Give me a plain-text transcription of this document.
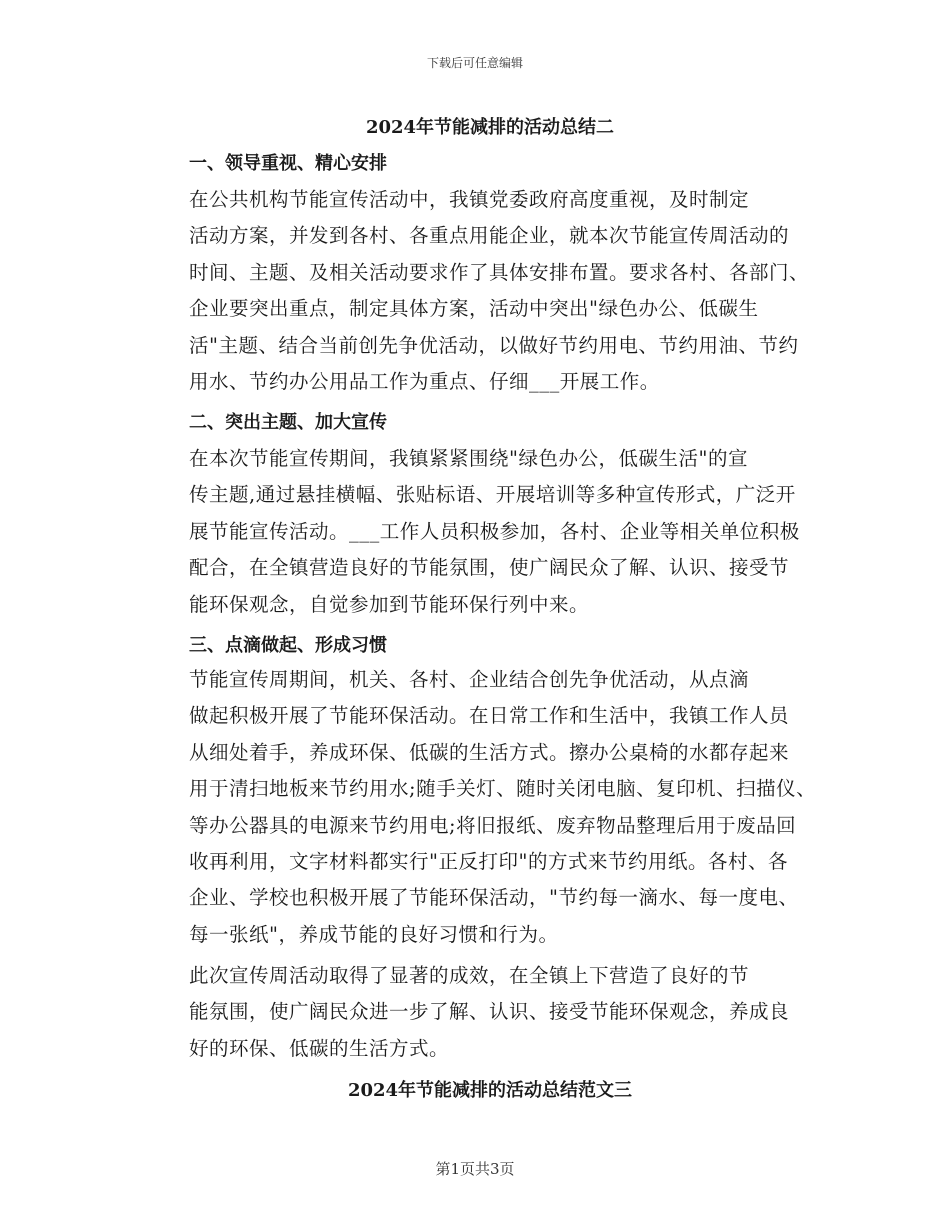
下载后可任意编辑
2024年节能减排的活动总结二
一、领导重视、精心安排

在公共机构节能宣传活动中，我镇党委政府高度重视，及时制定
活动方案，并发到各村、各重点用能企业，就本次节能宣传周活动的
时间、主题、及相关活动要求作了具体安排布置。要求各村、各部门、
企业要突出重点，制定具体方案，活动中突出"绿色办公、低碳生
活"主题、结合当前创先争优活动，以做好节约用电、节约用油、节约
用水、节约办公用品工作为重点、仔细___开展工作。

二、突出主题、加大宣传

在本次节能宣传期间，我镇紧紧围绕"绿色办公，低碳生活"的宣
传主题,通过悬挂横幅、张贴标语、开展培训等多种宣传形式，广泛开
展节能宣传活动。___工作人员积极参加，各村、企业等相关单位积极
配合，在全镇营造良好的节能氛围，使广阔民众了解、认识、接受节
能环保观念，自觉参加到节能环保行列中来。

三、点滴做起、形成习惯

节能宣传周期间，机关、各村、企业结合创先争优活动，从点滴
做起积极开展了节能环保活动。在日常工作和生活中，我镇工作人员
从细处着手，养成环保、低碳的生活方式。擦办公桌椅的水都存起来
用于清扫地板来节约用水;随手关灯、随时关闭电脑、复印机、扫描仪、
等办公器具的电源来节约用电;将旧报纸、废弃物品整理后用于废品回
收再利用，文字材料都实行"正反打印"的方式来节约用纸。各村、各
企业、学校也积极开展了节能环保活动，"节约每一滴水、每一度电、
每一张纸"，养成节能的良好习惯和行为。

此次宣传周活动取得了显著的成效，在全镇上下营造了良好的节
能氛围，使广阔民众进一步了解、认识、接受节能环保观念，养成良
好的环保、低碳的生活方式。

2024年节能减排的活动总结范文三
第1页共3页
